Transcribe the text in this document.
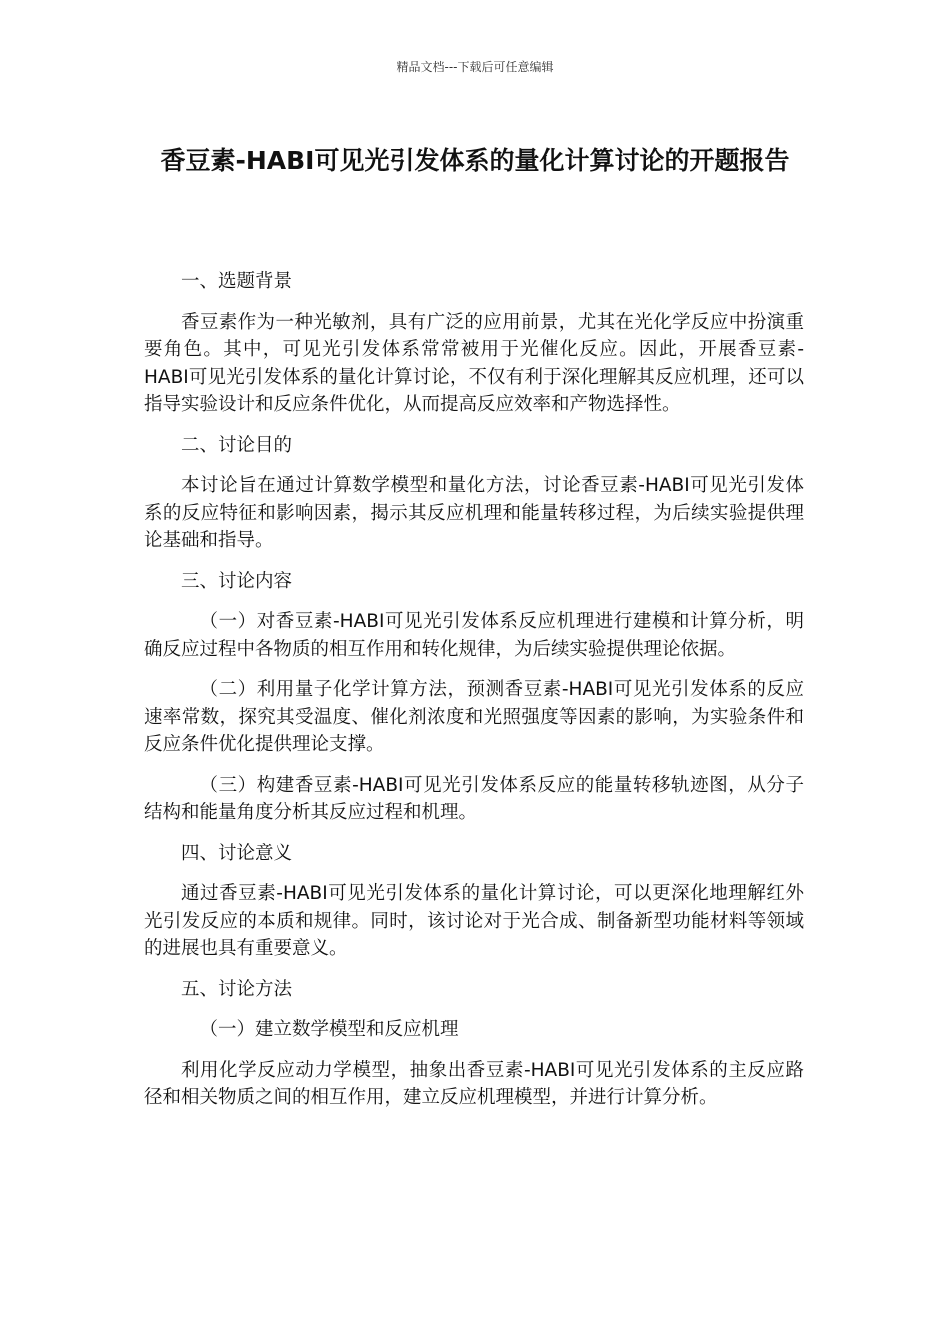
精品文档---下载后可任意编辑
香豆素-HABI可见光引发体系的量化计算讨论的开题报告

一、选题背景

香豆素作为一种光敏剂，具有广泛的应用前景，尤其在光化学反应中扮演重要角色。其中，可见光引发体系常常被用于光催化反应。因此，开展香豆素-HABI可见光引发体系的量化计算讨论，不仅有利于深化理解其反应机理，还可以指导实验设计和反应条件优化，从而提高反应效率和产物选择性。

二、讨论目的

本讨论旨在通过计算数学模型和量化方法，讨论香豆素-HABI可见光引发体系的反应特征和影响因素，揭示其反应机理和能量转移过程，为后续实验提供理论基础和指导。

三、讨论内容

（一）对香豆素-HABI可见光引发体系反应机理进行建模和计算分析，明确反应过程中各物质的相互作用和转化规律，为后续实验提供理论依据。

（二）利用量子化学计算方法，预测香豆素-HABI可见光引发体系的反应速率常数，探究其受温度、催化剂浓度和光照强度等因素的影响，为实验条件和反应条件优化提供理论支撑。

（三）构建香豆素-HABI可见光引发体系反应的能量转移轨迹图，从分子结构和能量角度分析其反应过程和机理。

四、讨论意义

通过香豆素-HABI可见光引发体系的量化计算讨论，可以更深化地理解红外光引发反应的本质和规律。同时，该讨论对于光合成、制备新型功能材料等领域的进展也具有重要意义。

五、讨论方法

（一）建立数学模型和反应机理

利用化学反应动力学模型，抽象出香豆素-HABI可见光引发体系的主反应路径和相关物质之间的相互作用，建立反应机理模型，并进行计算分析。
